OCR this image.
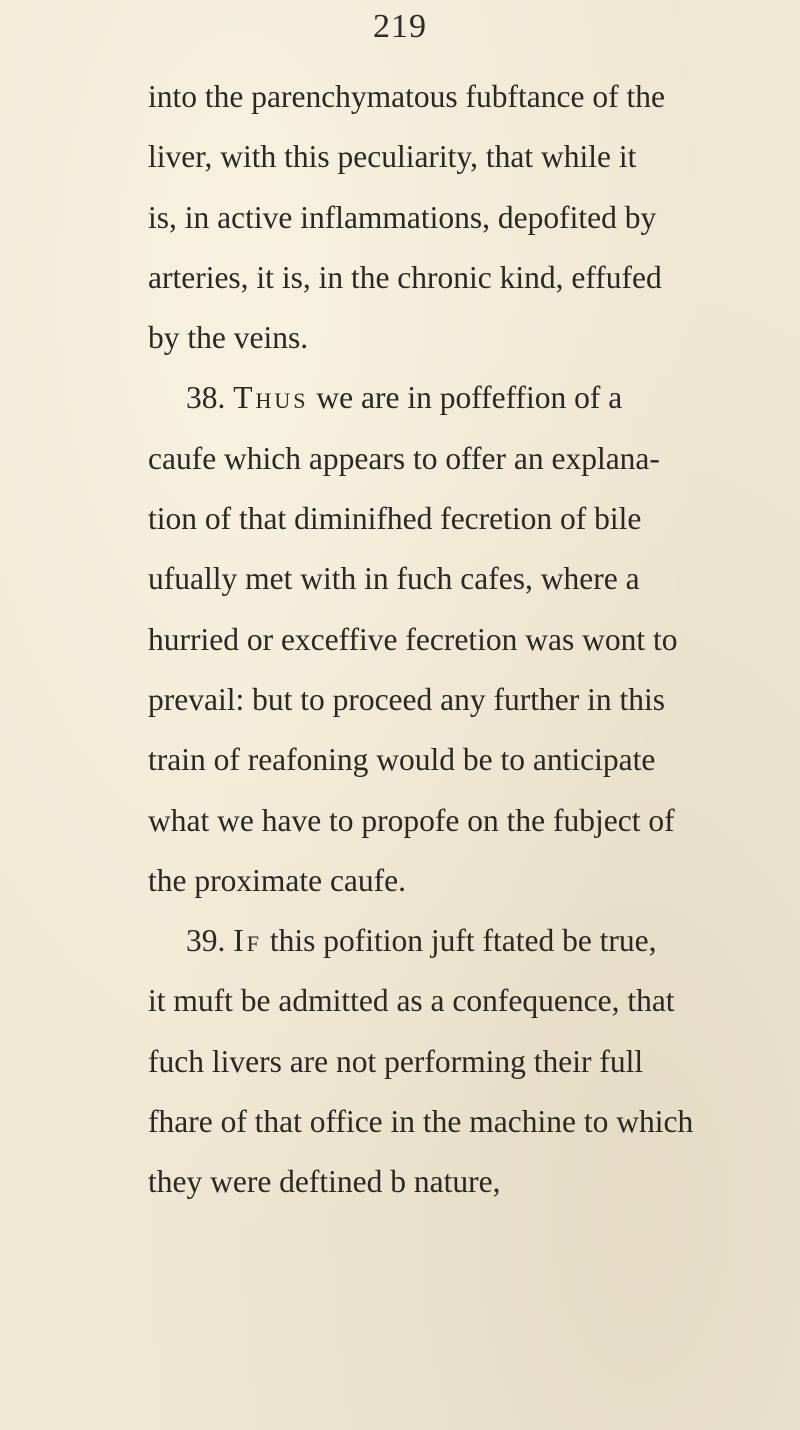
219
into the parenchymatous fubftance of the
liver, with this peculiarity, that while it
is, in active inflammations, depofited by
arteries, it is, in the chronic kind, effufed
by the veins.
38. Thus we are in poffeffion of a
caufe which appears to offer an explana-
tion of that diminifhed fecretion of bile
ufually met with in fuch cafes, where a
hurried or exceffive fecretion was wont to
prevail: but to proceed any further in this
train of reafoning would be to anticipate
what we have to propofe on the fubject of
the proximate caufe.
39. If this pofition juft ftated be true,
it muft be admitted as a confequence, that
fuch livers are not performing their full
fhare of that office in the machine to which
they were deftined b nature,
